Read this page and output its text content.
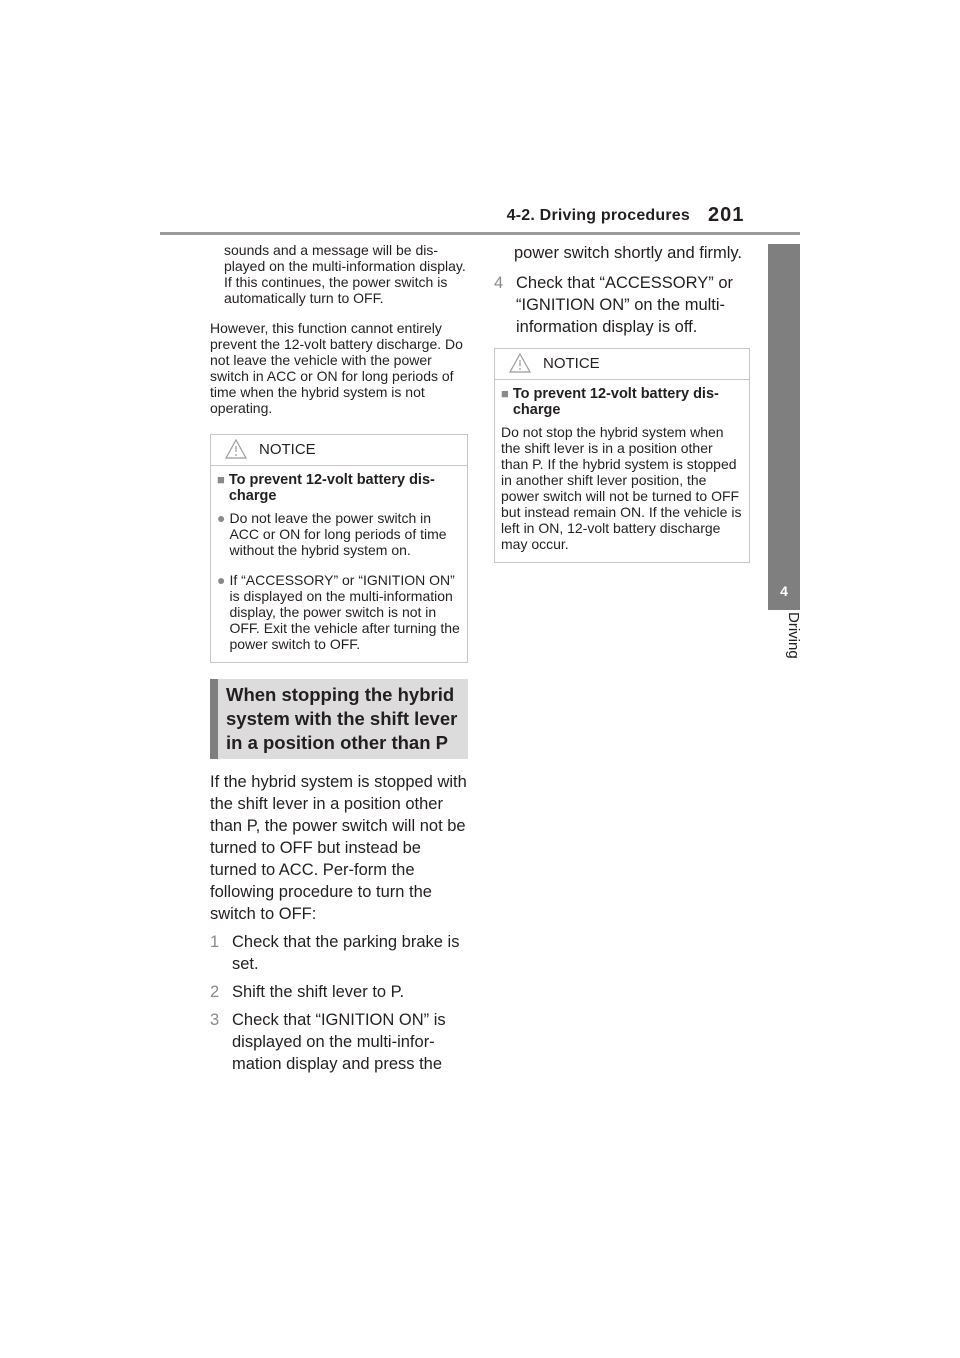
4-2. Driving procedures 201
4
Driving

sounds and a message will be dis-played on the multi-information display. If this continues, the power switch is automatically turn to OFF.

However, this function cannot entirely prevent the 12-volt battery discharge. Do not leave the vehicle with the power switch in ACC or ON for long periods of time when the hybrid system is not operating.

NOTICE
■ To prevent 12-volt battery dis-charge
● Do not leave the power switch in ACC or ON for long periods of time without the hybrid system on.
● If “ACCESSORY” or “IGNITION ON” is displayed on the multi-information display, the power switch is not in OFF. Exit the vehicle after turning the power switch to OFF.
When stopping the hybrid system with the shift lever in a position other than P

If the hybrid system is stopped with the shift lever in a position other than P, the power switch will not be turned to OFF but instead be turned to ACC. Per-form the following procedure to turn the switch to OFF:

1 Check that the parking brake is set.
2 Shift the shift lever to P.
3 Check that “IGNITION ON” is displayed on the multi-infor-mation display and press the

power switch shortly and firmly.

4 Check that “ACCESSORY” or “IGNITION ON” on the multi-information display is off.
NOTICE
■ To prevent 12-volt battery dis-charge

Do not stop the hybrid system when the shift lever is in a position other than P. If the hybrid system is stopped in another shift lever position, the power switch will not be turned to OFF but instead remain ON. If the vehicle is left in ON, 12-volt battery discharge may occur.
